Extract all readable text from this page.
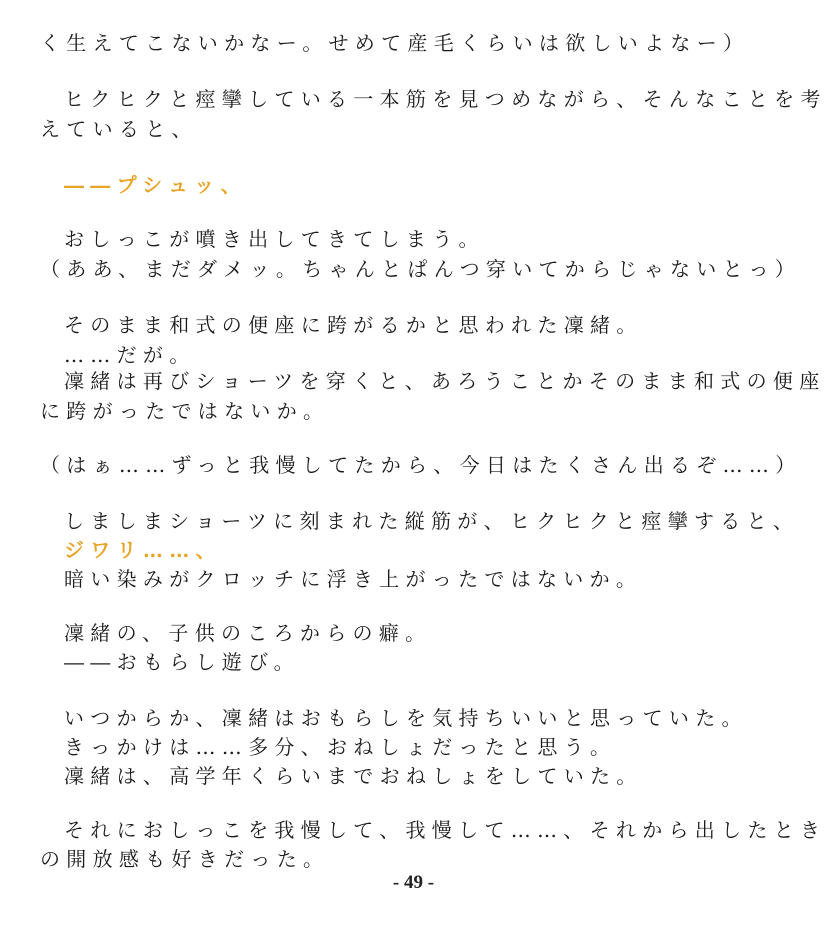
く生えてこないかなー。せめて産毛くらいは欲しいよなー）
ヒクヒクと痙攣している一本筋を見つめながら、そんなことを考
えていると、
――プシュッ、
おしっこが噴き出してきてしまう。
（ああ、まだダメッ。ちゃんとぱんつ穿いてからじゃないとっ）
そのまま和式の便座に跨がるかと思われた凜緒。
……だが。
凜緒は再びショーツを穿くと、あろうことかそのまま和式の便座
に跨がったではないか。
（はぁ……ずっと我慢してたから、今日はたくさん出るぞ……）
しましまショーツに刻まれた縦筋が、ヒクヒクと痙攣すると、
ジワリ……、
暗い染みがクロッチに浮き上がったではないか。
凜緒の、子供のころからの癖。
――おもらし遊び。
いつからか、凜緒はおもらしを気持ちいいと思っていた。
きっかけは……多分、おねしょだったと思う。
凜緒は、高学年くらいまでおねしょをしていた。
それにおしっこを我慢して、我慢して……、それから出したとき
の開放感も好きだった。
- 49 -
